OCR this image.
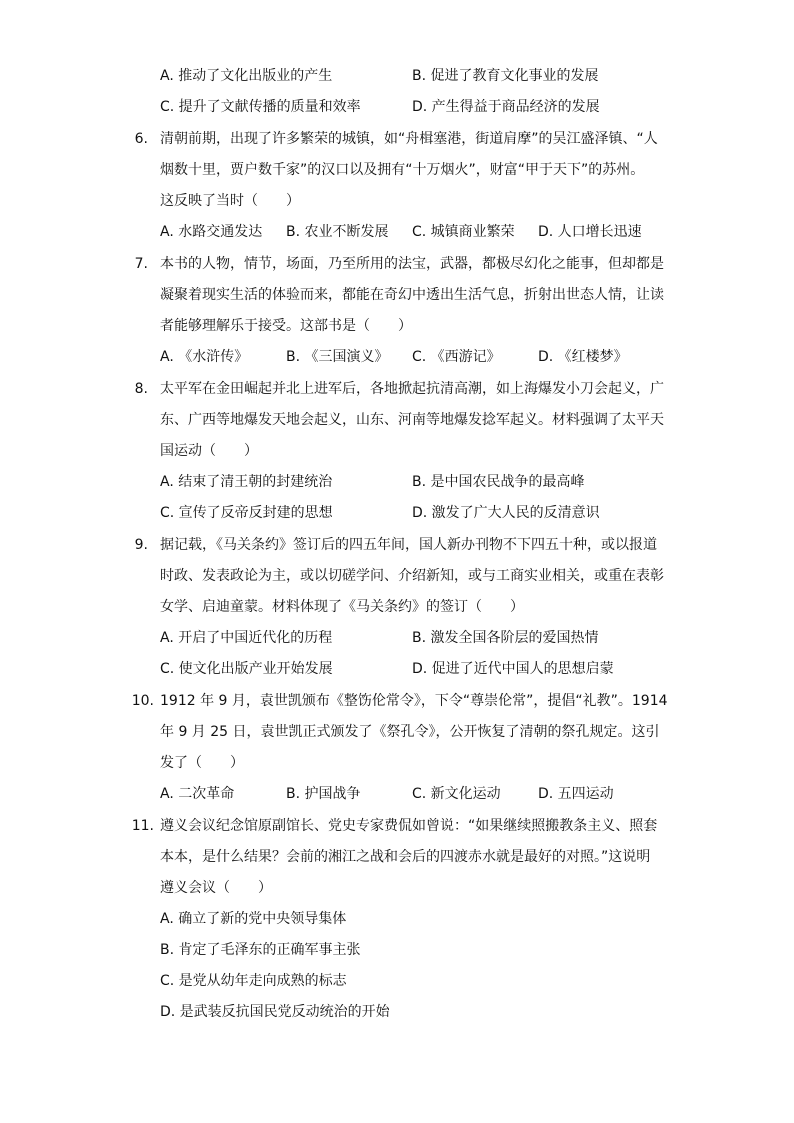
A. 推动了文化出版业的产生	B. 促进了教育文化事业的发展
C. 提升了文献传播的质量和效率	D. 产生得益于商品经济的发展
6. 清朝前期，出现了许多繁荣的城镇，如“舟楫塞港，街道肩摩”的吴江盛泽镇、“人
烟数十里，贾户数千家”的汉口以及拥有“十万烟火”，财富“甲于天下”的苏州。
这反映了当时（　　）
A. 水路交通发达 B. 农业不断发展 C. 城镇商业繁荣 D. 人口增长迅速
7. 本书的人物，情节，场面，乃至所用的法宝，武器，都极尽幻化之能事，但却都是
凝聚着现实生活的体验而来，都能在奇幻中透出生活气息，折射出世态人情，让读
者能够理解乐于接受。这部书是（　　）
A. 《水浒传》	B. 《三国演义》 C. 《西游记》	D. 《红楼梦》
8. 太平军在金田崛起并北上进军后，各地掀起抗清高潮，如上海爆发小刀会起义，广
东、广西等地爆发天地会起义，山东、河南等地爆发捻军起义。材料强调了太平天
国运动（　　）
A. 结束了清王朝的封建统治	B. 是中国农民战争的最高峰
C. 宣传了反帝反封建的思想	D. 激发了广大人民的反清意识
9. 据记载，《马关条约》签订后的四五年间，国人新办刊物不下四五十种，或以报道
时政、发表政论为主，或以切磋学问、介绍新知，或与工商实业相关，或重在表彰
女学、启迪童蒙。材料体现了《马关条约》的签订（　　）
A. 开启了中国近代化的历程	B. 激发全国各阶层的爱国热情
C. 使文化出版产业开始发展	D. 促进了近代中国人的思想启蒙
10. 1912 年 9 月，袁世凯颁布《整饬伦常令》，下令“尊崇伦常”，提倡“礼教”。1914
年 9 月 25 日，袁世凯正式颁发了《祭孔令》，公开恢复了清朝的祭孔规定。这引
发了（　　）
A. 二次革命	B. 护国战争	C. 新文化运动	D. 五四运动
11. 遵义会议纪念馆原副馆长、党史专家费侃如曾说：“如果继续照搬教条主义、照套
本本，是什么结果？会前的湘江之战和会后的四渡赤水就是最好的对照。”这说明
遵义会议（　　）
A. 确立了新的党中央领导集体
B. 肯定了毛泽东的正确军事主张
C. 是党从幼年走向成熟的标志
D. 是武装反抗国民党反动统治的开始
